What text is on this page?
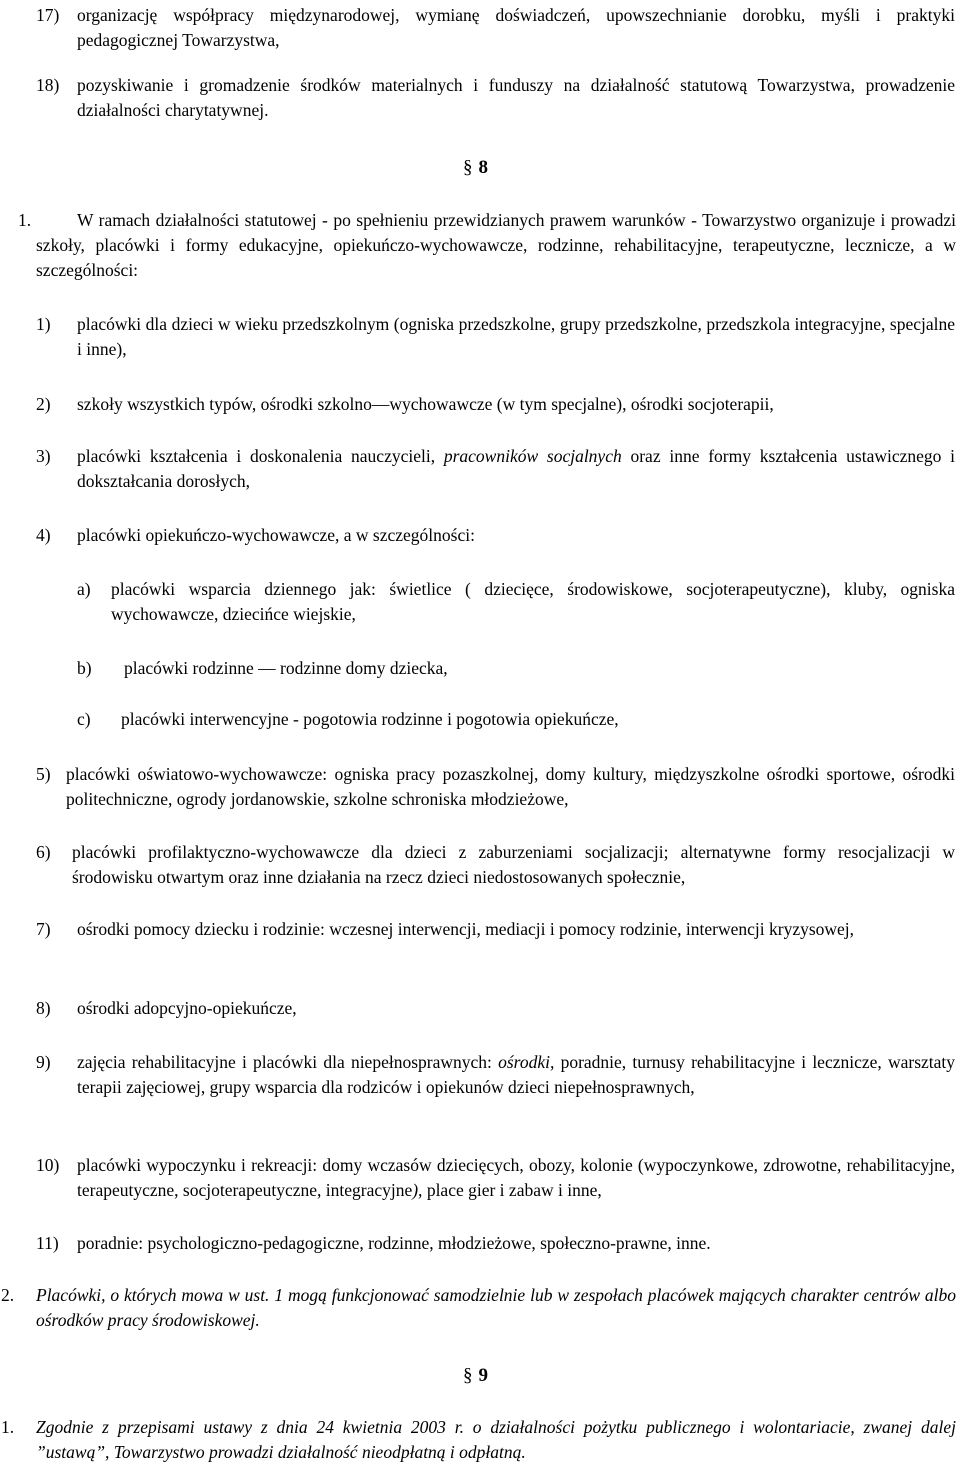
17) organizację współpracy międzynarodowej, wymianę doświadczeń, upowszechnianie dorobku, myśli i praktyki pedagogicznej Towarzystwa,

18) pozyskiwanie i gromadzenie środków materialnych i funduszy na działalność statutową Towarzystwa, prowadzenie działalności charytatywnej.

§ 8
1.	W ramach działalności statutowej - po spełnieniu przewidzianych prawem warunków - Towarzystwo organizuje i prowadzi szkoły, placówki i formy edukacyjne, opiekuńczo-wychowawcze, rodzinne, rehabilitacyjne, terapeutyczne, lecznicze, a w szczególności:

1) placówki dla dzieci w wieku przedszkolnym (ogniska przedszkolne, grupy przedszkolne, przedszkola integracyjne, specjalne i inne),

2) szkoły wszystkich typów, ośrodki szkolno—wychowawcze (w tym specjalne), ośrodki socjoterapii,

3) placówki kształcenia i doskonalenia nauczycieli, pracowników socjalnych oraz inne formy kształcenia ustawicznego i dokształcania dorosłych,

4) placówki opiekuńczo-wychowawcze, a w szczególności:

a) placówki wsparcia dziennego jak: świetlice ( dziecięce, środowiskowe, socjoterapeutyczne), kluby, ogniska wychowawcze, dziecińce wiejskie,

b) placówki rodzinne — rodzinne domy dziecka,

c) placówki interwencyjne - pogotowia rodzinne i pogotowia opiekuńcze,

5) placówki oświatowo-wychowawcze: ogniska pracy pozaszkolnej, domy kultury, międzyszkolne ośrodki sportowe, ośrodki politechniczne, ogrody jordanowskie, szkolne schroniska młodzieżowe,

6) placówki profilaktyczno-wychowawcze dla dzieci z zaburzeniami socjalizacji; alternatywne formy resocjalizacji w środowisku otwartym oraz inne działania na rzecz dzieci niedostosowanych społecznie,

7) ośrodki pomocy dziecku i rodzinie: wczesnej interwencji, mediacji i pomocy rodzinie, interwencji kryzysowej,

8) ośrodki adopcyjno-opiekuńcze,

9) zajęcia rehabilitacyjne i placówki dla niepełnosprawnych: ośrodki, poradnie, turnusy rehabilitacyjne i lecznicze, warsztaty terapii zajęciowej, grupy wsparcia dla rodziców i opiekunów dzieci niepełnosprawnych,

10) placówki wypoczynku i rekreacji: domy wczasów dziecięcych, obozy, kolonie (wypoczynkowe, zdrowotne, rehabilitacyjne, terapeutyczne, socjoterapeutyczne, integracyjne), place gier i zabaw i inne,

11) poradnie: psychologiczno-pedagogiczne, rodzinne, młodzieżowe, społeczno-prawne, inne.

2. Placówki, o których mowa w ust. 1 mogą funkcjonować samodzielnie lub w zespołach placówek mających charakter centrów albo ośrodków pracy środowiskowej.

§ 9
1. Zgodnie z przepisami ustawy z dnia 24 kwietnia 2003 r. o działalności pożytku publicznego i wolontariacie, zwanej dalej ”ustawą”, Towarzystwo prowadzi działalność nieodpłatną i odpłatną.
